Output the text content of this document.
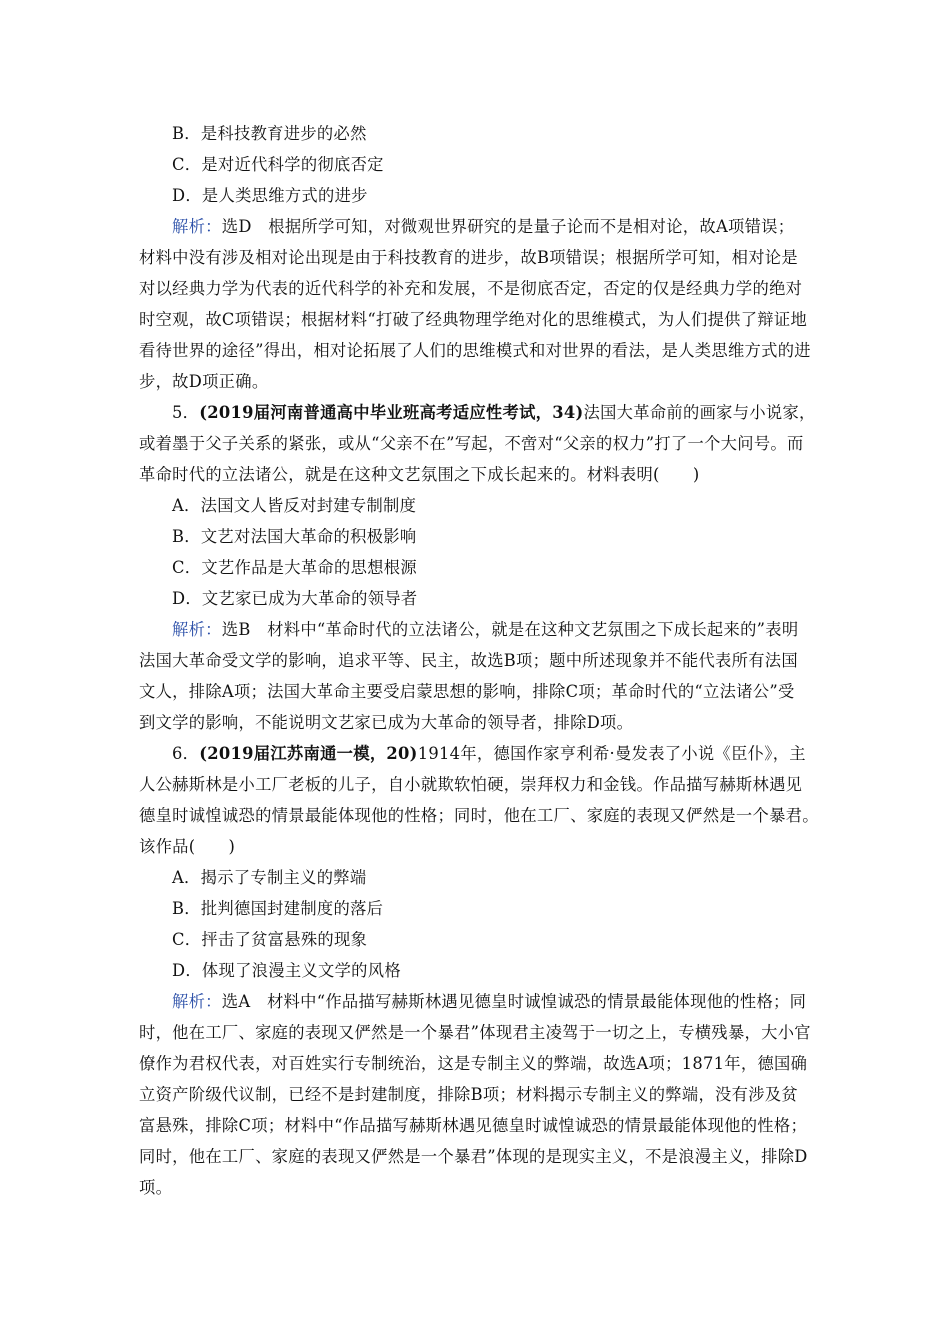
B．是科技教育进步的必然
C．是对近代科学的彻底否定
D．是人类思维方式的进步
解析：选D　根据所学可知，对微观世界研究的是量子论而不是相对论，故A项错误；
材料中没有涉及相对论出现是由于科技教育的进步，故B项错误；根据所学可知，相对论是
对以经典力学为代表的近代科学的补充和发展，不是彻底否定，否定的仅是经典力学的绝对
时空观，故C项错误；根据材料“打破了经典物理学绝对化的思维模式，为人们提供了辩证地
看待世界的途径”得出，相对论拓展了人们的思维模式和对世界的看法，是人类思维方式的进
步，故D项正确。
5．(2019届河南普通高中毕业班高考适应性考试，34)法国大革命前的画家与小说家，
或着墨于父子关系的紧张，或从“父亲不在”写起，不啻对“父亲的权力”打了一个大问号。而
革命时代的立法诸公，就是在这种文艺氛围之下成长起来的。材料表明(　　)
A．法国文人皆反对封建专制制度
B．文艺对法国大革命的积极影响
C．文艺作品是大革命的思想根源
D．文艺家已成为大革命的领导者
解析：选B　材料中“革命时代的立法诸公，就是在这种文艺氛围之下成长起来的”表明
法国大革命受文学的影响，追求平等、民主，故选B项；题中所述现象并不能代表所有法国
文人，排除A项；法国大革命主要受启蒙思想的影响，排除C项；革命时代的“立法诸公”受
到文学的影响，不能说明文艺家已成为大革命的领导者，排除D项。
6．(2019届江苏南通一模，20)1914年，德国作家亨利希·曼发表了小说《臣仆》，主
人公赫斯林是小工厂老板的儿子，自小就欺软怕硬，崇拜权力和金钱。作品描写赫斯林遇见
德皇时诚惶诚恐的情景最能体现他的性格；同时，他在工厂、家庭的表现又俨然是一个暴君。
该作品(　　)
A．揭示了专制主义的弊端
B．批判德国封建制度的落后
C．抨击了贫富悬殊的现象
D．体现了浪漫主义文学的风格
解析：选A　材料中“作品描写赫斯林遇见德皇时诚惶诚恐的情景最能体现他的性格；同
时，他在工厂、家庭的表现又俨然是一个暴君”体现君主凌驾于一切之上，专横残暴，大小官
僚作为君权代表，对百姓实行专制统治，这是专制主义的弊端，故选A项；1871年，德国确
立资产阶级代议制，已经不是封建制度，排除B项；材料揭示专制主义的弊端，没有涉及贫
富悬殊，排除C项；材料中“作品描写赫斯林遇见德皇时诚惶诚恐的情景最能体现他的性格；
同时，他在工厂、家庭的表现又俨然是一个暴君”体现的是现实主义，不是浪漫主义，排除D
项。
